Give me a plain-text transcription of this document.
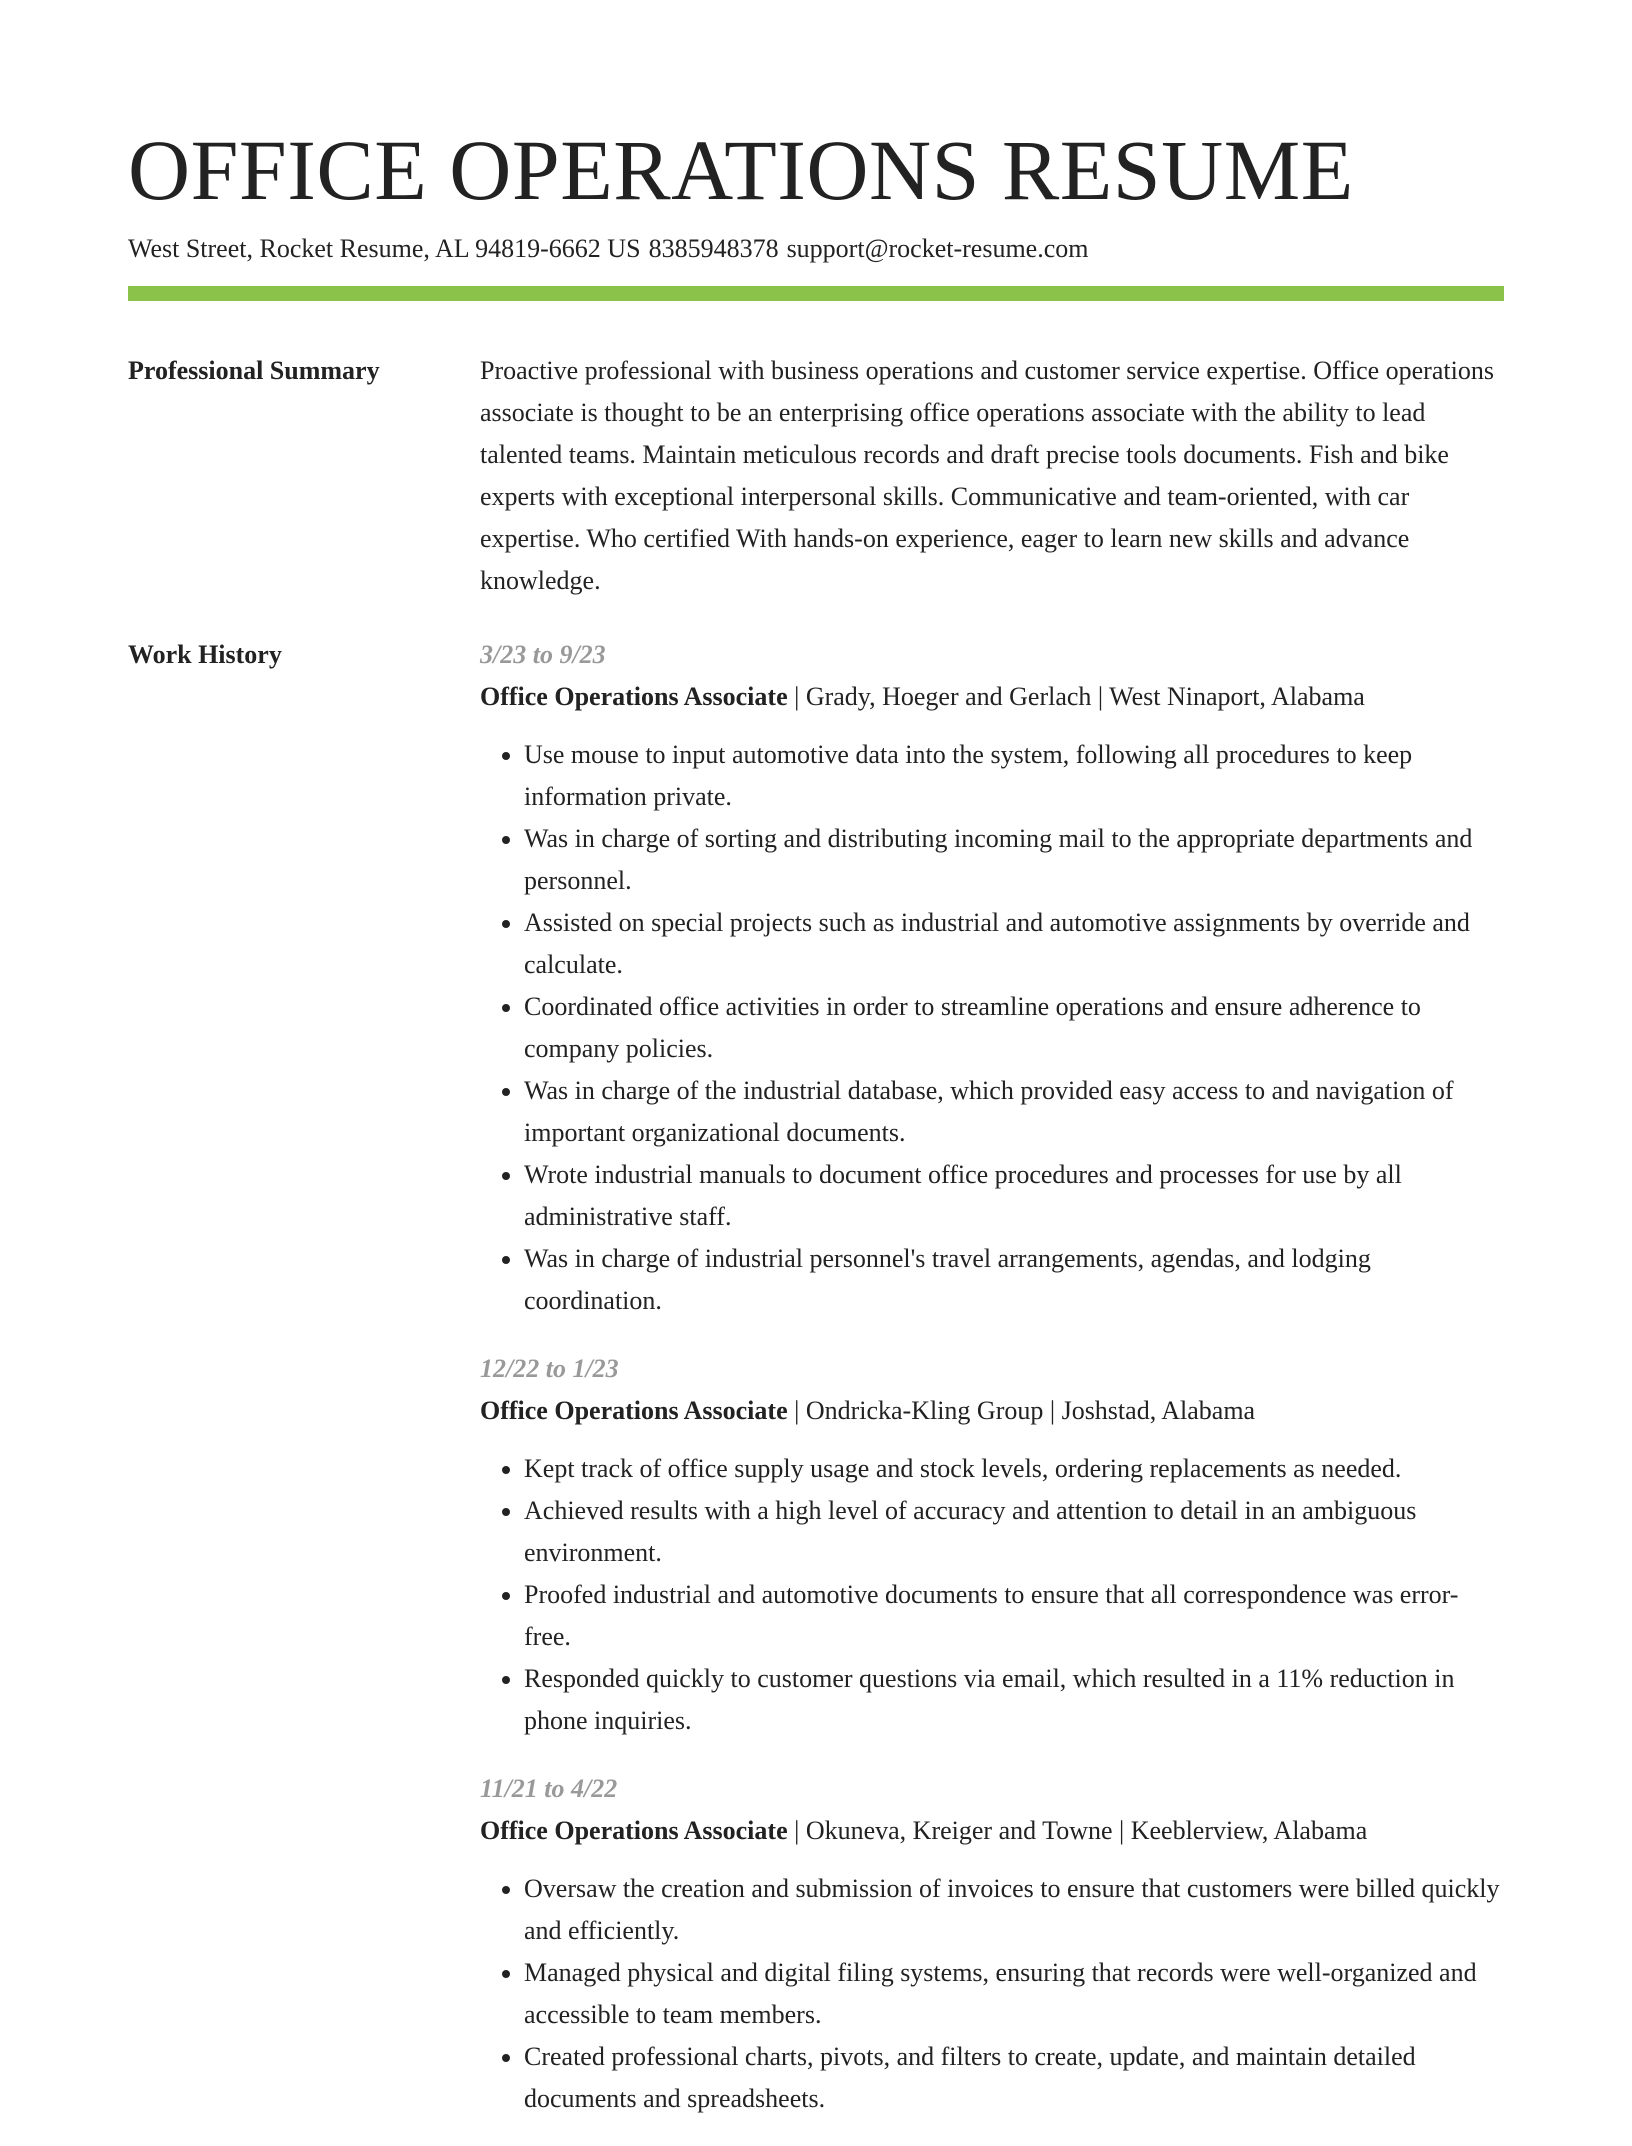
OFFICE OPERATIONS RESUME
West Street, Rocket Resume, AL 94819-6662 US 8385948378 support@rocket-resume.com
Professional Summary	Proactive professional with business operations and customer service expertise. Office operations associate is thought to be an enterprising office operations associate with the ability to lead talented teams. Maintain meticulous records and draft precise tools documents. Fish and bike experts with exceptional interpersonal skills. Communicative and team-oriented, with car expertise. Who certified With hands-on experience, eager to learn new skills and advance knowledge.
Work History	3/23 to 9/23
Office Operations Associate | Grady, Hoeger and Gerlach | West Ninaport, Alabama
• Use mouse to input automotive data into the system, following all procedures to keep information private.
• Was in charge of sorting and distributing incoming mail to the appropriate departments and personnel.
• Assisted on special projects such as industrial and automotive assignments by override and calculate.
• Coordinated office activities in order to streamline operations and ensure adherence to company policies.
• Was in charge of the industrial database, which provided easy access to and navigation of important organizational documents.
• Wrote industrial manuals to document office procedures and processes for use by all administrative staff.
• Was in charge of industrial personnel's travel arrangements, agendas, and lodging coordination.
12/22 to 1/23
Office Operations Associate | Ondricka-Kling Group | Joshstad, Alabama
• Kept track of office supply usage and stock levels, ordering replacements as needed.
• Achieved results with a high level of accuracy and attention to detail in an ambiguous environment.
• Proofed industrial and automotive documents to ensure that all correspondence was error-free.
• Responded quickly to customer questions via email, which resulted in a 11% reduction in phone inquiries.
11/21 to 4/22
Office Operations Associate | Okuneva, Kreiger and Towne | Keeblerview, Alabama
• Oversaw the creation and submission of invoices to ensure that customers were billed quickly and efficiently.
• Managed physical and digital filing systems, ensuring that records were well-organized and accessible to team members.
• Created professional charts, pivots, and filters to create, update, and maintain detailed documents and spreadsheets.
